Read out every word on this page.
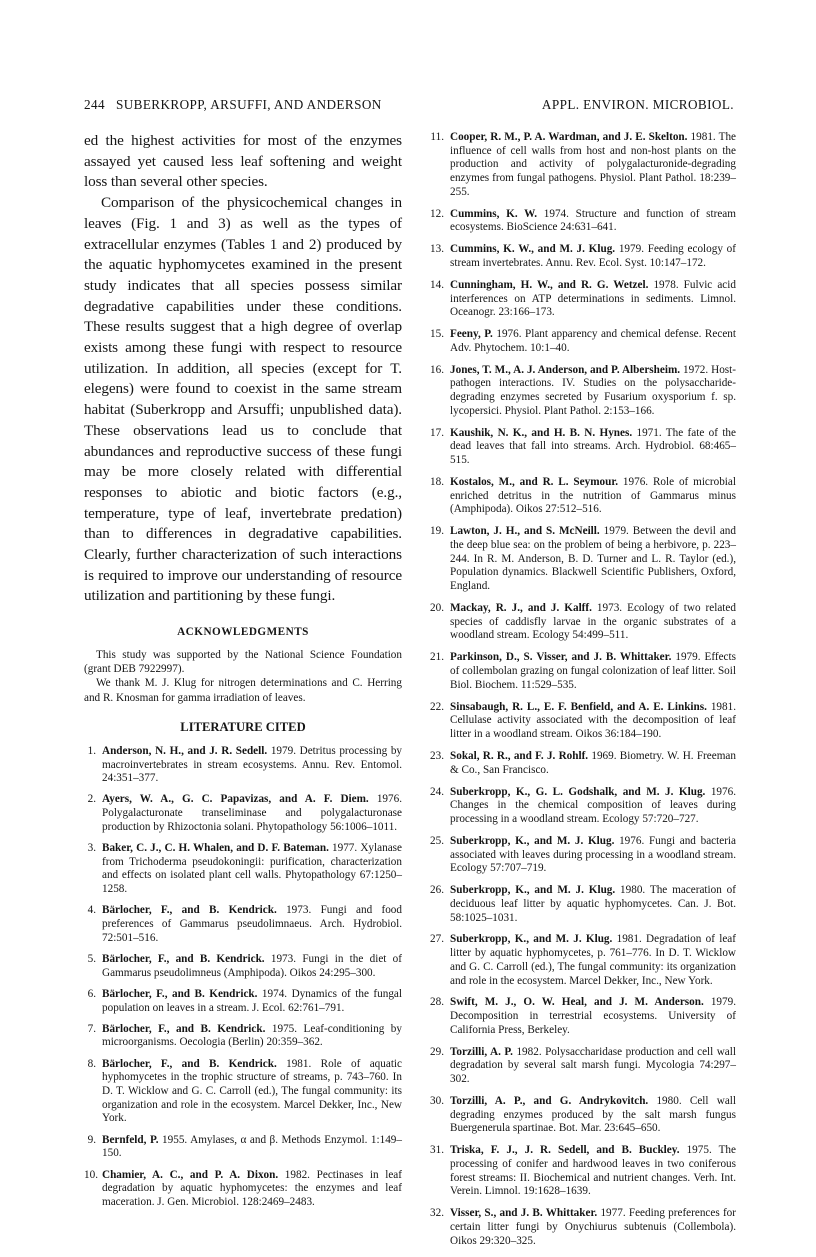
244 SUBERKROPP, ARSUFFI, AND ANDERSON	APPL. ENVIRON. MICROBIOL.

ed the highest activities for most of the enzymes assayed yet caused less leaf softening and weight loss than several other species.

Comparison of the physicochemical changes in leaves (Fig. 1 and 3) as well as the types of extracellular enzymes (Tables 1 and 2) produced by the aquatic hyphomycetes examined in the present study indicates that all species possess similar degradative capabilities under these conditions. These results suggest that a high degree of overlap exists among these fungi with respect to resource utilization. In addition, all species (except for T. elegens) were found to coexist in the same stream habitat (Suberkropp and Arsuffi; unpublished data). These observations lead us to conclude that abundances and reproductive success of these fungi may be more closely related with differential responses to abiotic and biotic factors (e.g., temperature, type of leaf, invertebrate predation) than to differences in degradative capabilities. Clearly, further characterization of such interactions is required to improve our understanding of resource utilization and partitioning by these fungi.

ACKNOWLEDGMENTS

This study was supported by the National Science Foundation (grant DEB 7922997).

We thank M. J. Klug for nitrogen determinations and C. Herring and R. Knosman for gamma irradiation of leaves.

LITERATURE CITED
1. Anderson, N. H., and J. R. Sedell. 1979. Detritus processing by macroinvertebrates in stream ecosystems. Annu. Rev. Entomol. 24:351–377.
2. Ayers, W. A., G. C. Papavizas, and A. F. Diem. 1976. Polygalacturonate transeliminase and polygalacturonase production by Rhizoctonia solani. Phytopathology 56:1006–1011.
3. Baker, C. J., C. H. Whalen, and D. F. Bateman. 1977. Xylanase from Trichoderma pseudokoningii: purification, characterization and effects on isolated plant cell walls. Phytopathology 67:1250–1258.
4. Bärlocher, F., and B. Kendrick. 1973. Fungi and food preferences of Gammarus pseudolimnaeus. Arch. Hydrobiol. 72:501–516.
5. Bärlocher, F., and B. Kendrick. 1973. Fungi in the diet of Gammarus pseudolimneus (Amphipoda). Oikos 24:295–300.
6. Bärlocher, F., and B. Kendrick. 1974. Dynamics of the fungal population on leaves in a stream. J. Ecol. 62:761–791.
7. Bärlocher, F., and B. Kendrick. 1975. Leaf-conditioning by microorganisms. Oecologia (Berlin) 20:359–362.
8. Bärlocher, F., and B. Kendrick. 1981. Role of aquatic hyphomycetes in the trophic structure of streams, p. 743–760. In D. T. Wicklow and G. C. Carroll (ed.), The fungal community: its organization and role in the ecosystem. Marcel Dekker, Inc., New York.
9. Bernfeld, P. 1955. Amylases, α and β. Methods Enzymol. 1:149–150.
10. Chamier, A. C., and P. A. Dixon. 1982. Pectinases in leaf degradation by aquatic hyphomycetes: the enzymes and leaf maceration. J. Gen. Microbiol. 128:2469–2483.
11. Cooper, R. M., P. A. Wardman, and J. E. Skelton. 1981. The influence of cell walls from host and non-host plants on the production and activity of polygalacturonide-degrading enzymes from fungal pathogens. Physiol. Plant Pathol. 18:239–255.
12. Cummins, K. W. 1974. Structure and function of stream ecosystems. BioScience 24:631–641.
13. Cummins, K. W., and M. J. Klug. 1979. Feeding ecology of stream invertebrates. Annu. Rev. Ecol. Syst. 10:147–172.
14. Cunningham, H. W., and R. G. Wetzel. 1978. Fulvic acid interferences on ATP determinations in sediments. Limnol. Oceanogr. 23:166–173.
15. Feeny, P. 1976. Plant apparency and chemical defense. Recent Adv. Phytochem. 10:1–40.
16. Jones, T. M., A. J. Anderson, and P. Albersheim. 1972. Host-pathogen interactions. IV. Studies on the polysaccharide-degrading enzymes secreted by Fusarium oxysporium f. sp. lycopersici. Physiol. Plant Pathol. 2:153–166.
17. Kaushik, N. K., and H. B. N. Hynes. 1971. The fate of the dead leaves that fall into streams. Arch. Hydrobiol. 68:465–515.
18. Kostalos, M., and R. L. Seymour. 1976. Role of microbial enriched detritus in the nutrition of Gammarus minus (Amphipoda). Oikos 27:512–516.
19. Lawton, J. H., and S. McNeill. 1979. Between the devil and the deep blue sea: on the problem of being a herbivore, p. 223–244. In R. M. Anderson, B. D. Turner and L. R. Taylor (ed.), Population dynamics. Blackwell Scientific Publishers, Oxford, England.
20. Mackay, R. J., and J. Kalff. 1973. Ecology of two related species of caddisfly larvae in the organic substrates of a woodland stream. Ecology 54:499–511.
21. Parkinson, D., S. Visser, and J. B. Whittaker. 1979. Effects of collembolan grazing on fungal colonization of leaf litter. Soil Biol. Biochem. 11:529–535.
22. Sinsabaugh, R. L., E. F. Benfield, and A. E. Linkins. 1981. Cellulase activity associated with the decomposition of leaf litter in a woodland stream. Oikos 36:184–190.
23. Sokal, R. R., and F. J. Rohlf. 1969. Biometry. W. H. Freeman & Co., San Francisco.
24. Suberkropp, K., G. L. Godshalk, and M. J. Klug. 1976. Changes in the chemical composition of leaves during processing in a woodland stream. Ecology 57:720–727.
25. Suberkropp, K., and M. J. Klug. 1976. Fungi and bacteria associated with leaves during processing in a woodland stream. Ecology 57:707–719.
26. Suberkropp, K., and M. J. Klug. 1980. The maceration of deciduous leaf litter by aquatic hyphomycetes. Can. J. Bot. 58:1025–1031.
27. Suberkropp, K., and M. J. Klug. 1981. Degradation of leaf litter by aquatic hyphomycetes, p. 761–776. In D. T. Wicklow and G. C. Carroll (ed.), The fungal community: its organization and role in the ecosystem. Marcel Dekker, Inc., New York.
28. Swift, M. J., O. W. Heal, and J. M. Anderson. 1979. Decomposition in terrestrial ecosystems. University of California Press, Berkeley.
29. Torzilli, A. P. 1982. Polysaccharidase production and cell wall degradation by several salt marsh fungi. Mycologia 74:297–302.
30. Torzilli, A. P., and G. Andrykovitch. 1980. Cell wall degrading enzymes produced by the salt marsh fungus Buergenerula spartinae. Bot. Mar. 23:645–650.
31. Triska, F. J., J. R. Sedell, and B. Buckley. 1975. The processing of conifer and hardwood leaves in two coniferous forest streams: II. Biochemical and nutrient changes. Verh. Int. Verein. Limnol. 19:1628–1639.
32. Visser, S., and J. B. Whittaker. 1977. Feeding preferences for certain litter fungi by Onychiurus subtenuis (Collembola). Oikos 29:320–325.
